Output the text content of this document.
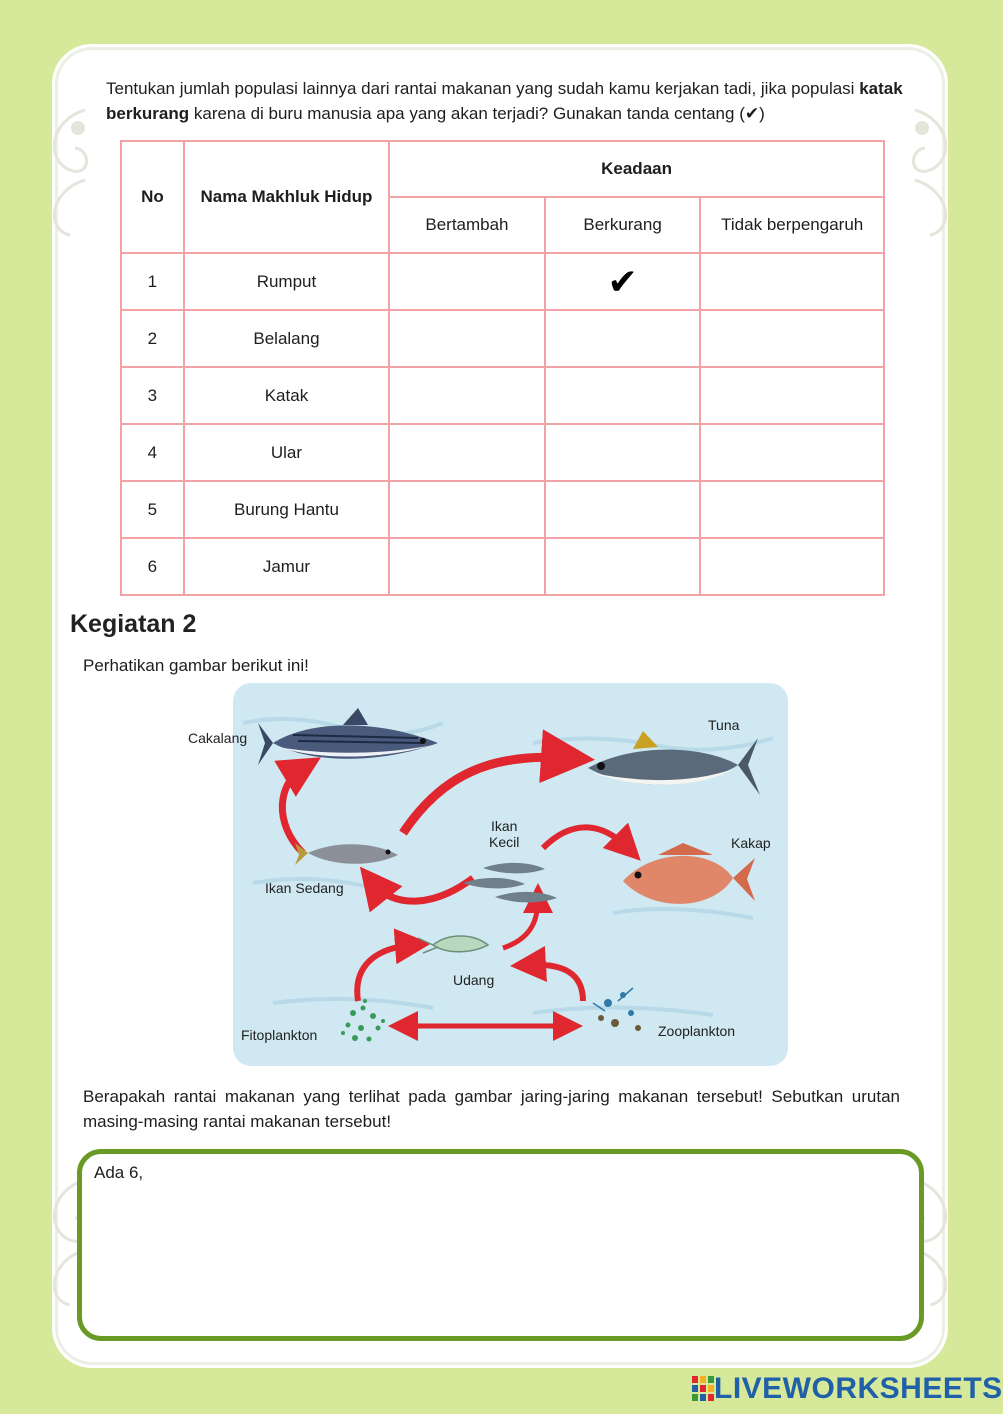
Tentukan jumlah populasi lainnya dari rantai makanan yang sudah kamu kerjakan tadi, jika populasi katak berkurang karena di buru manusia apa yang akan terjadi? Gunakan tanda centang (✔)
No	Nama Makhluk Hidup	Keadaan		
		Bertambah	Berkurang	Tidak berpengaruh
1	Rumput		✔	
2	Belalang			
3	Katak			
4	Ular			
5	Burung Hantu			
6	Jamur			
Kegiatan 2
Perhatikan gambar berikut ini!
Cakalang
Tuna
Ikan
Kecil	Kakap
Ikan Sedang
Udang
Fitoplankton	Zooplankton
Berapakah rantai makanan yang terlihat pada gambar jaring-jaring makanan tersebut! Sebutkan urutan masing-masing rantai makanan tersebut!
Ada 6,
LIVEWORKSHEETS
